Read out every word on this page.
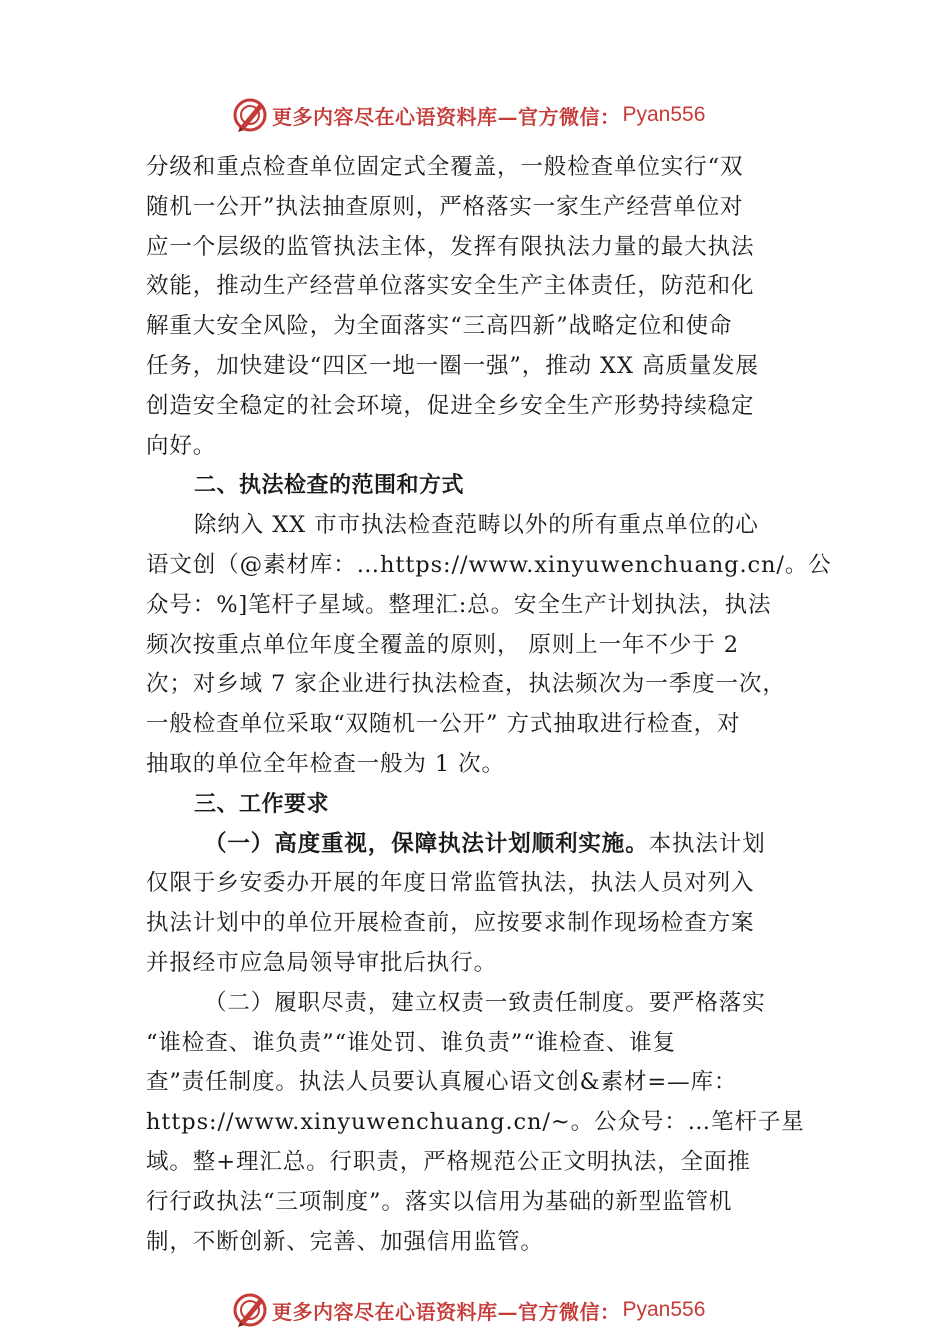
更多内容尽在心语资料库—官方微信： Pyan556
分级和重点检查单位固定式全覆盖，一般检查单位实行“双
随机一公开”执法抽查原则，严格落实一家生产经营单位对
应一个层级的监管执法主体，发挥有限执法力量的最大执法
效能，推动生产经营单位落实安全生产主体责任，防范和化
解重大安全风险，为全面落实“三高四新”战略定位和使命
任务，加快建设“四区一地一圈一强”，推动 XX 高质量发展
创造安全稳定的社会环境，促进全乡安全生产形势持续稳定
向好。
二、执法检查的范围和方式
除纳入 XX 市市执法检查范畴以外的所有重点单位的心
语文创（@素材库：…https://www.xinyuwenchuang.cn/。公
众号：%]笔杆子星域。整理汇:总。安全生产计划执法，执法
频次按重点单位年度全覆盖的原则， 原则上一年不少于 2
次；对乡域 7 家企业进行执法检查，执法频次为一季度一次，
一般检查单位采取“双随机一公开” 方式抽取进行检查，对
抽取的单位全年检查一般为 1 次。
三、工作要求
（一）高度重视，保障执法计划顺利实施。本执法计划
仅限于乡安委办开展的年度日常监管执法，执法人员对列入
执法计划中的单位开展检查前，应按要求制作现场检查方案
并报经市应急局领导审批后执行。
（二）履职尽责，建立权责一致责任制度。要严格落实
“谁检查、谁负责”“谁处罚、谁负责”“谁检查、谁复
查”责任制度。执法人员要认真履心语文创&素材=—库：
https://www.xinyuwenchuang.cn/~。公众号：…笔杆子星
域。整+理汇总。行职责，严格规范公正文明执法，全面推
行行政执法“三项制度”。落实以信用为基础的新型监管机
制，不断创新、完善、加强信用监管。
更多内容尽在心语资料库—官方微信： Pyan556
